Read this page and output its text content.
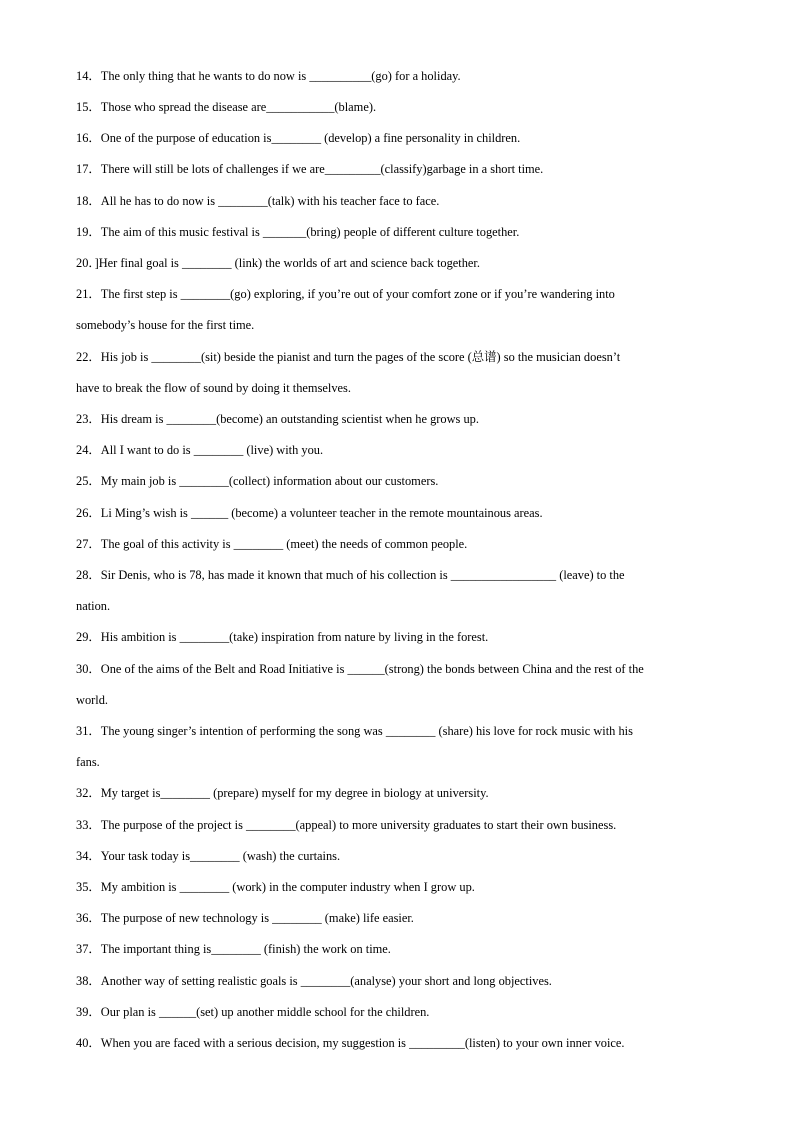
14．The only thing that he wants to do now is __________(go) for a holiday.
15．Those who spread the disease are___________(blame).
16．One of the purpose of education is________ (develop) a fine personality in children.
17．There will still be lots of challenges if we are_________(classify)garbage in a short time.
18．All he has to do now is ________(talk) with his teacher face to face.
19．The aim of this music festival is _______(bring) people of different culture together.
20．]Her final goal is ________ (link) the worlds of art and science back together.
21．The first step is ________(go) exploring, if you’re out of your comfort zone or if you’re wandering into
somebody’s house for the first time.
22．His job is ________(sit) beside the pianist and turn the pages of the score (总谱) so the musician doesn’t
have to break the flow of sound by doing it themselves.
23．His dream is ________(become) an outstanding scientist when he grows up.
24．All I want to do is ________ (live) with you.
25．My main job is ________(collect) information about our customers.
26．Li Ming’s wish is ______ (become) a volunteer teacher in the remote mountainous areas.
27．The goal of this activity is ________ (meet) the needs of common people.
28．Sir Denis, who is 78, has made it known that much of his collection is _________________ (leave) to the
nation.
29．His ambition is ________(take) inspiration from nature by living in the forest.
30．One of the aims of the Belt and Road Initiative is ______(strong) the bonds between China and the rest of the
world.
31．The young singer’s intention of performing the song was ________ (share) his love for rock music with his
fans.
32．My target is________ (prepare) myself for my degree in biology at university.
33．The purpose of the project is ________(appeal) to more university graduates to start their own business.
34．Your task today is________ (wash) the curtains.
35．My ambition is ________ (work) in the computer industry when I grow up.
36．The purpose of new technology is ________ (make) life easier.
37．The important thing is________ (finish) the work on time.
38．Another way of setting realistic goals is ________(analyse) your short and long objectives.
39．Our plan is ______(set) up another middle school for the children.
40．When you are faced with a serious decision, my suggestion is _________(listen) to your own inner voice.
